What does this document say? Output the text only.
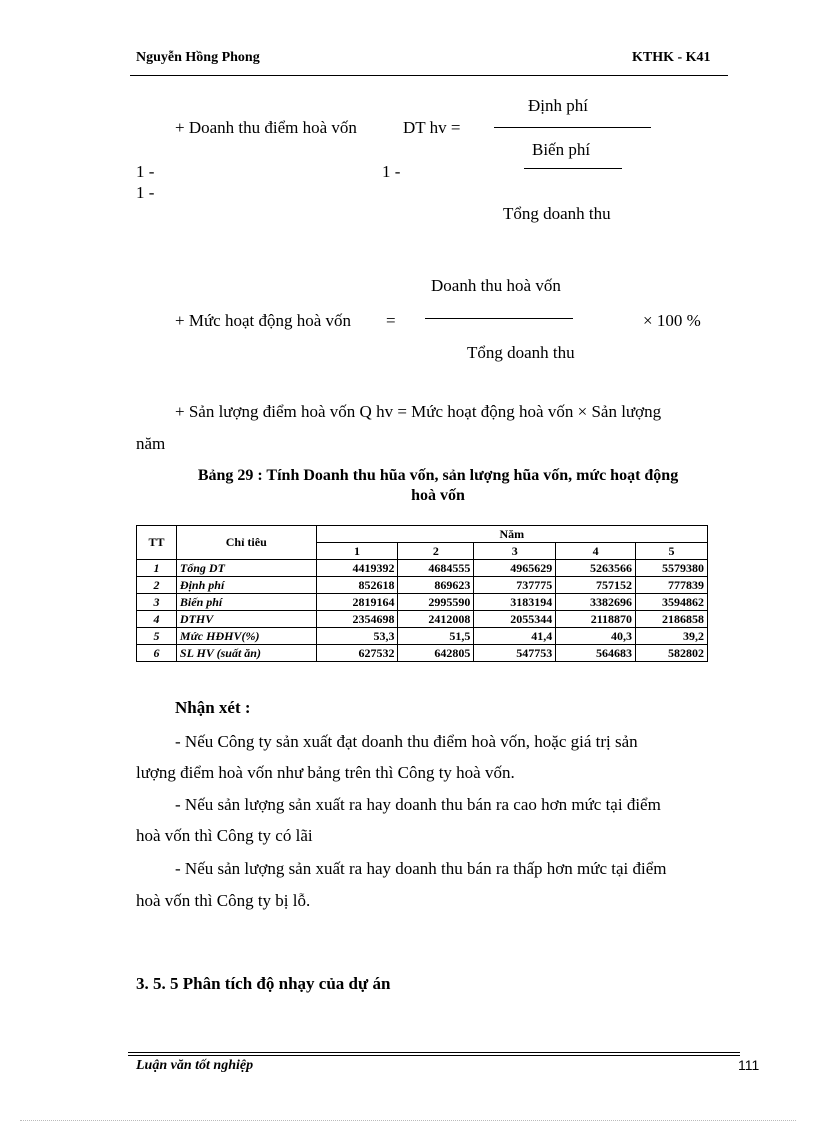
Nguyễn Hồng Phong	KTHK - K41
+ Doanh thu điểm hoà vốn	DT hv =
Định phí
Biến phí
1 -
1 -
1 -
Tổng doanh thu
Doanh thu hoà vốn
+ Mức hoạt động hoà vốn =	× 100 %
Tổng doanh thu
+ Sản lượng điểm hoà vốn Q hv = Mức hoạt động hoà vốn × Sản lượng
năm
Bảng 29 : Tính Doanh thu hũa vốn, sản lượng hũa vốn, mức hoạt động
hoà vốn
TT	Chỉ tiêu	Năm				
		1	2	3	4	5
1	Tổng DT	4419392	4684555	4965629	5263566	5579380
2	Định phí	852618	869623	737775	757152	777839
3	Biến phí	2819164	2995590	3183194	3382696	3594862
4	DTHV	2354698	2412008	2055344	2118870	2186858
5	Mức HĐHV(%)	53,3	51,5	41,4	40,3	39,2
6	SL HV (suất ăn)	627532	642805	547753	564683	582802
Nhận xét :
- Nếu Công ty sản xuất đạt doanh thu điểm hoà vốn, hoặc giá trị sản
lượng điểm hoà vốn như bảng trên thì Công ty hoà vốn.
- Nếu sản lượng sản xuất ra hay doanh thu bán ra cao hơn mức tại điểm
hoà vốn thì Công ty có lãi
- Nếu sản lượng sản xuất ra hay doanh thu bán ra thấp hơn mức tại điểm
hoà vốn thì Công ty bị lỗ.
3. 5. 5 Phân tích độ nhạy của dự án
Luận văn tốt nghiệp	111
